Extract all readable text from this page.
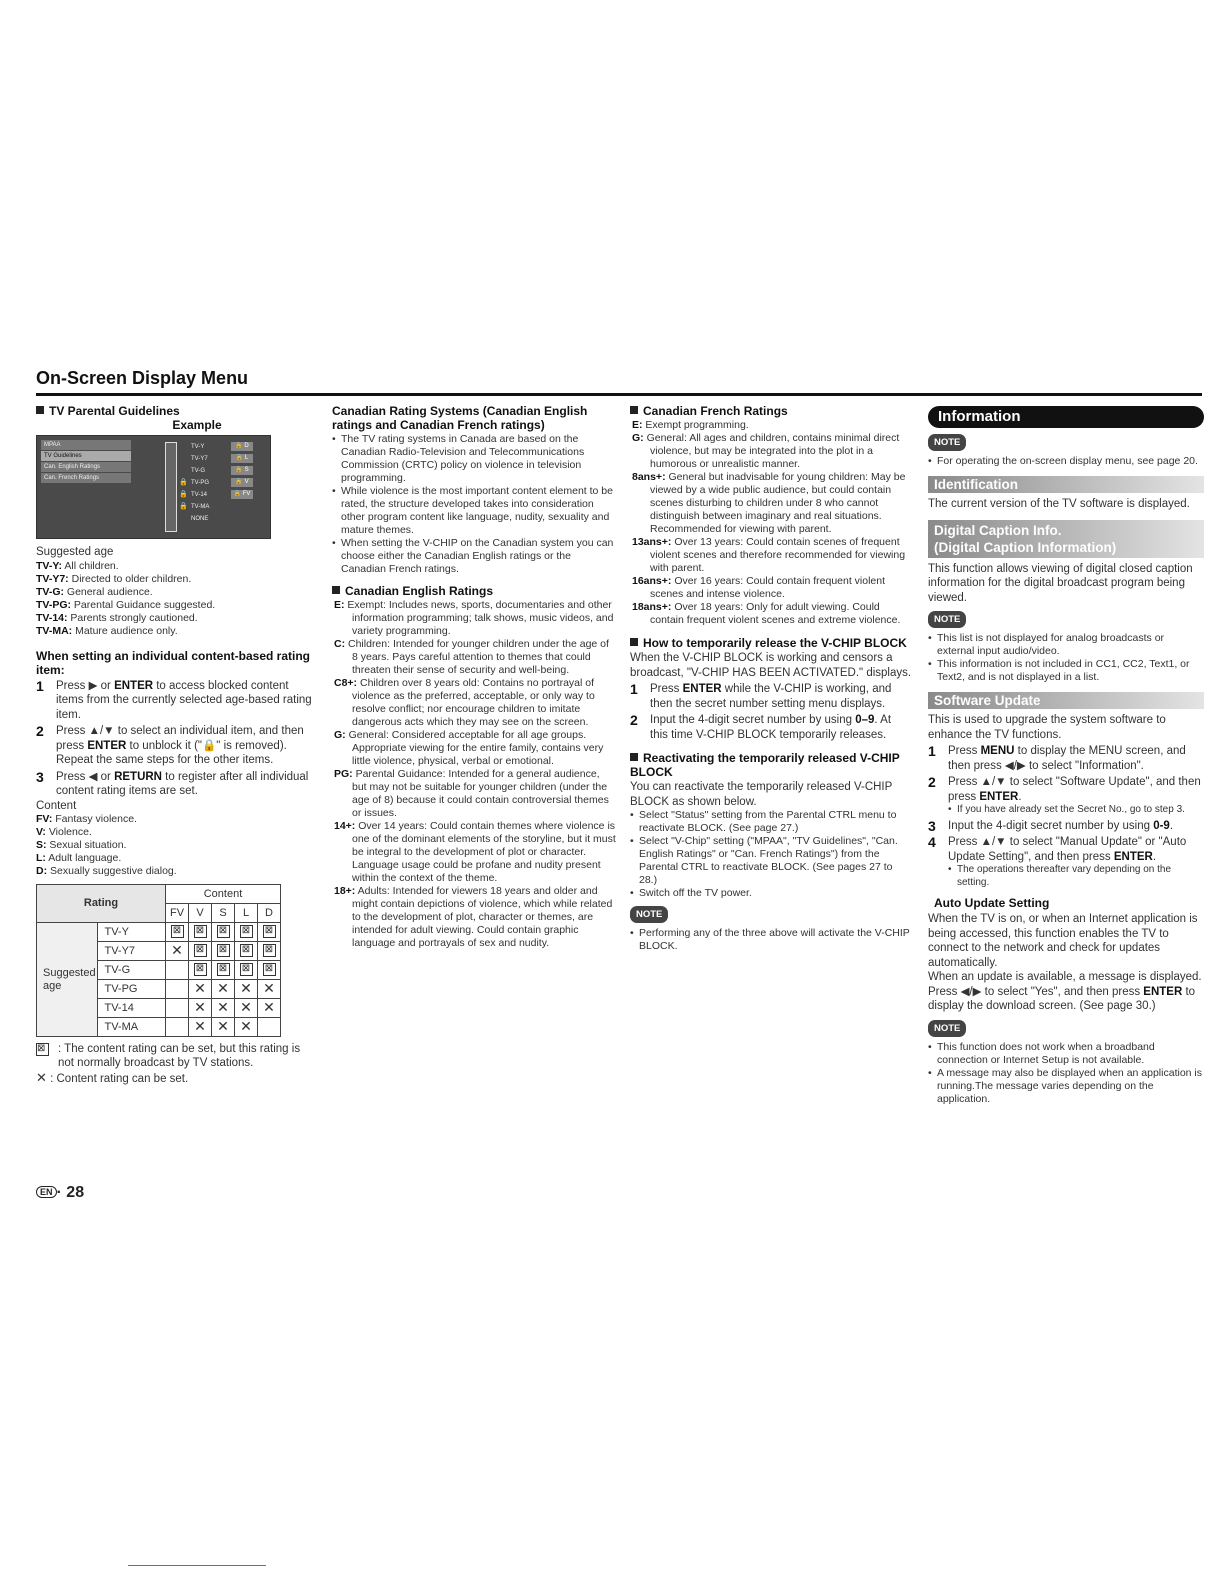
On-Screen Display Menu
TV Parental Guidelines
Example
MPAA
TV Guidelines
Can. English Ratings
Can. French Ratings
TV-Y	🔒 D
TV-Y7	🔒 L
TV-G	🔒 S
🔒 TV-PG	🔒 V
🔒 TV-14	🔒 FV
🔒 TV-MA
NONE
Suggested age
TV-Y: All children.
TV-Y7: Directed to older children.
TV-G: General audience.
TV-PG: Parental Guidance suggested.
TV-14: Parents strongly cautioned.
TV-MA: Mature audience only.
When setting an individual content-based rating item:
1 Press ▶ or ENTER to access blocked content items from the currently selected age-based rating item.
2 Press ▲/▼ to select an individual item, and then press ENTER to unblock it ("🔒" is removed). Repeat the same steps for the other items.
3 Press ◀ or RETURN to register after all individual content rating items are set.
Content
FV: Fantasy violence.
V: Violence.
S: Sexual situation.
L: Adult language.
D: Sexually suggestive dialog.
Rating		Content				
		FV	V	S	L	D
Suggested age	TV-Y	⊠	⊠	⊠	⊠	⊠
	TV-Y7	✕	⊠	⊠	⊠	⊠
	TV-G		⊠	⊠	⊠	⊠
	TV-PG		✕	✕	✕	✕
	TV-14		✕	✕	✕	✕
	TV-MA		✕	✕	✕	
⊠	: The content rating can be set, but this rating is not normally broadcast by TV stations.
✕ : Content rating can be set.
Canadian Rating Systems (Canadian English ratings and Canadian French ratings)
• The TV rating systems in Canada are based on the Canadian Radio-Television and Telecommunications Commission (CRTC) policy on violence in television programming.
• While violence is the most important content element to be rated, the structure developed takes into consideration other program content like language, nudity, sexuality and mature themes.
• When setting the V-CHIP on the Canadian system you can choose either the Canadian English ratings or the Canadian French ratings.
Canadian English Ratings
E: Exempt: Includes news, sports, documentaries and other information programming; talk shows, music videos, and variety programming.
C: Children: Intended for younger children under the age of 8 years. Pays careful attention to themes that could threaten their sense of security and well-being.
C8+: Children over 8 years old: Contains no portrayal of violence as the preferred, acceptable, or only way to resolve conflict; nor encourage children to imitate dangerous acts which they may see on the screen.
G: General: Considered acceptable for all age groups. Appropriate viewing for the entire family, contains very little violence, physical, verbal or emotional.
PG: Parental Guidance: Intended for a general audience, but may not be suitable for younger children (under the age of 8) because it could contain controversial themes or issues.
14+: Over 14 years: Could contain themes where violence is one of the dominant elements of the storyline, but it must be integral to the development of plot or character. Language usage could be profane and nudity present within the context of the theme.
18+: Adults: Intended for viewers 18 years and older and might contain depictions of violence, which while related to the development of plot, character or themes, are intended for adult viewing. Could contain graphic language and portrayals of sex and nudity.
Canadian French Ratings
E: Exempt programming.
G: General: All ages and children, contains minimal direct violence, but may be integrated into the plot in a humorous or unrealistic manner.
8ans+: General but inadvisable for young children: May be viewed by a wide public audience, but could contain scenes disturbing to children under 8 who cannot distinguish between imaginary and real situations. Recommended for viewing with parent.
13ans+: Over 13 years: Could contain scenes of frequent violent scenes and therefore recommended for viewing with parent.
16ans+: Over 16 years: Could contain frequent violent scenes and intense violence.
18ans+: Over 18 years: Only for adult viewing. Could contain frequent violent scenes and extreme violence.
How to temporarily release the V-CHIP BLOCK
When the V-CHIP BLOCK is working and censors a broadcast, "V-CHIP HAS BEEN ACTIVATED." displays.
1 Press ENTER while the V-CHIP is working, and then the secret number setting menu displays.
2 Input the 4-digit secret number by using 0–9. At this time V-CHIP BLOCK temporarily releases.
Reactivating the temporarily released V-CHIP BLOCK
You can reactivate the temporarily released V-CHIP BLOCK as shown below.
• Select "Status" setting from the Parental CTRL menu to reactivate BLOCK. (See page 27.)
• Select "V-Chip" setting ("MPAA", "TV Guidelines", "Can. English Ratings" or "Can. French Ratings") from the Parental CTRL to reactivate BLOCK. (See pages 27 to 28.)
• Switch off the TV power.
NOTE
• Performing any of the three above will activate the V-CHIP BLOCK.
Information
NOTE
• For operating the on-screen display menu, see page 20.
Identification
The current version of the TV software is displayed.
Digital Caption Info.
(Digital Caption Information)
This function allows viewing of digital closed caption information for the digital broadcast program being viewed.
NOTE
• This list is not displayed for analog broadcasts or external input audio/video.
• This information is not included in CC1, CC2, Text1, or Text2, and is not displayed in a list.
Software Update
This is used to upgrade the system software to enhance the TV functions.
1 Press MENU to display the MENU screen, and then press ◀/▶ to select "Information".
2 Press ▲/▼ to select "Software Update", and then press ENTER.
• If you have already set the Secret No., go to step 3.
3 Input the 4-digit secret number by using 0-9.
4 Press ▲/▼ to select "Manual Update" or "Auto Update Setting", and then press ENTER.
• The operations thereafter vary depending on the setting.
Auto Update Setting
When the TV is on, or when an Internet application is being accessed, this function enables the TV to connect to the network and check for updates automatically.
When an update is available, a message is displayed. Press ◀/▶ to select "Yes", and then press ENTER to display the download screen. (See page 30.)
NOTE
• This function does not work when a broadband connection or Internet Setup is not available.
• A message may also be displayed when an application is running.The message varies depending on the application.
EN · 28
